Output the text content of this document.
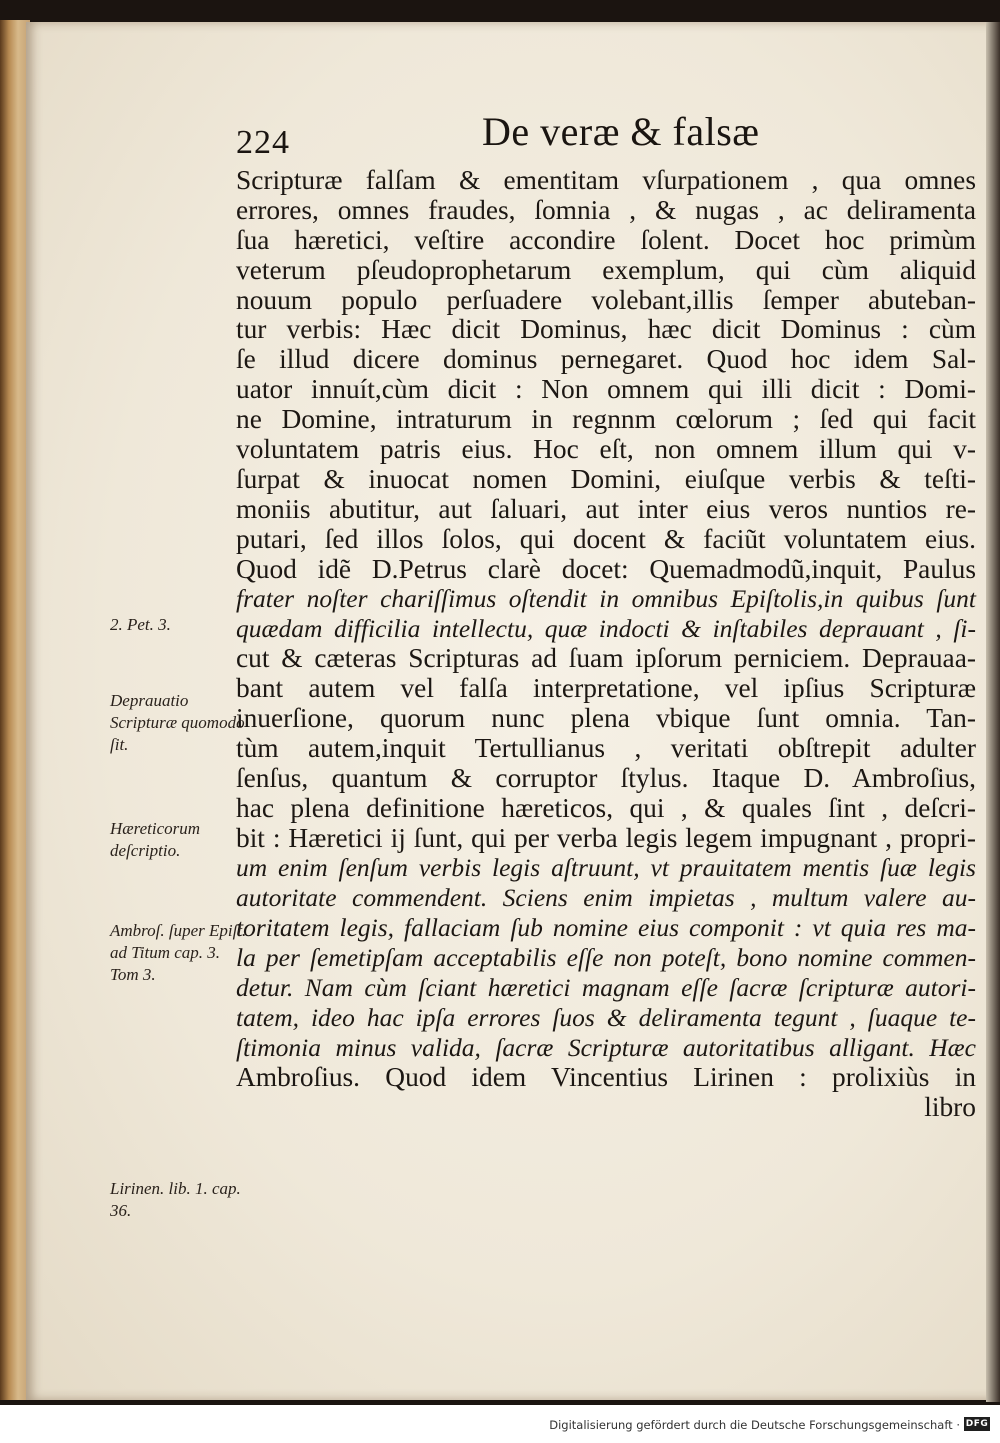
224	De veræ & falsæ
Scripturæ falſam & ementitam vſurpationem , qua omnes
errores, omnes fraudes, ſomnia , & nugas , ac deliramenta
ſua hæretici, veſtire accondire ſolent. Docet hoc primùm
veterum pſeudoprophetarum exemplum, qui cùm aliquid
nouum populo perſuadere volebant,illis ſemper abuteban-
tur verbis: Hæc dicit Dominus, hæc dicit Dominus : cùm
ſe illud dicere dominus pernegaret. Quod hoc idem Sal-
uator innuít,cùm dicit : Non omnem qui illi dicit : Domi-
ne Domine, intraturum in regnnm cœlorum ; ſed qui facit
voluntatem patris eius. Hoc eſt, non omnem illum qui v-
ſurpat & inuocat nomen Domini, eiuſque verbis & teſti-
moniis abutitur, aut ſaluari, aut inter eius veros nuntios re-
putari, ſed illos ſolos, qui docent & faciũt voluntatem eius.
Quod idẽ D.Petrus clarè docet: Quemadmodũ,inquit, Paulus
frater noſter chariſſimus oſtendit in omnibus Epiſtolis,in quibus ſunt
quædam difficilia intellectu, quæ indocti & inſtabiles deprauant , ſi-
cut & cæteras Scripturas ad ſuam ipſorum perniciem. Deprauaa-
bant autem vel falſa interpretatione, vel ipſius Scripturæ
inuerſione, quorum nunc plena vbique ſunt omnia. Tan-
tùm autem,inquit Tertullianus , veritati obſtrepit adulter
ſenſus, quantum & corruptor ſtylus. Itaque D. Ambroſius,
hac plena definitione hæreticos, qui , & quales ſint , deſcri-
bit : Hæretici ij ſunt, qui per verba legis legem impugnant , propri-
um enim ſenſum verbis legis aſtruunt, vt prauitatem mentis ſuæ legis
autoritate commendent. Sciens enim impietas , multum valere au-
toritatem legis, fallaciam ſub nomine eius componit : vt quia res ma-
la per ſemetipſam acceptabilis eſſe non poteſt, bono nomine commen-
detur. Nam cùm ſciant hæretici magnam eſſe ſacræ ſcripturæ autori-
tatem, ideo hac ipſa errores ſuos & deliramenta tegunt , ſuaque te-
ſtimonia minus valida, ſacræ Scripturæ autoritatibus alligant. Hæc
Ambroſius. Quod idem Vincentius Lirinen : prolixiùs in
libro
2. Pet. 3.
Deprauatio Scripturæ quomodo ſit.
Hæreticorum deſcriptio.
Ambroſ. ſuper Epiſt. ad Titum cap. 3. Tom 3.
Lirinen. lib. 1. cap. 36.
Digitalisierung gefördert durch die Deutsche Forschungsgemeinschaft · DFG
